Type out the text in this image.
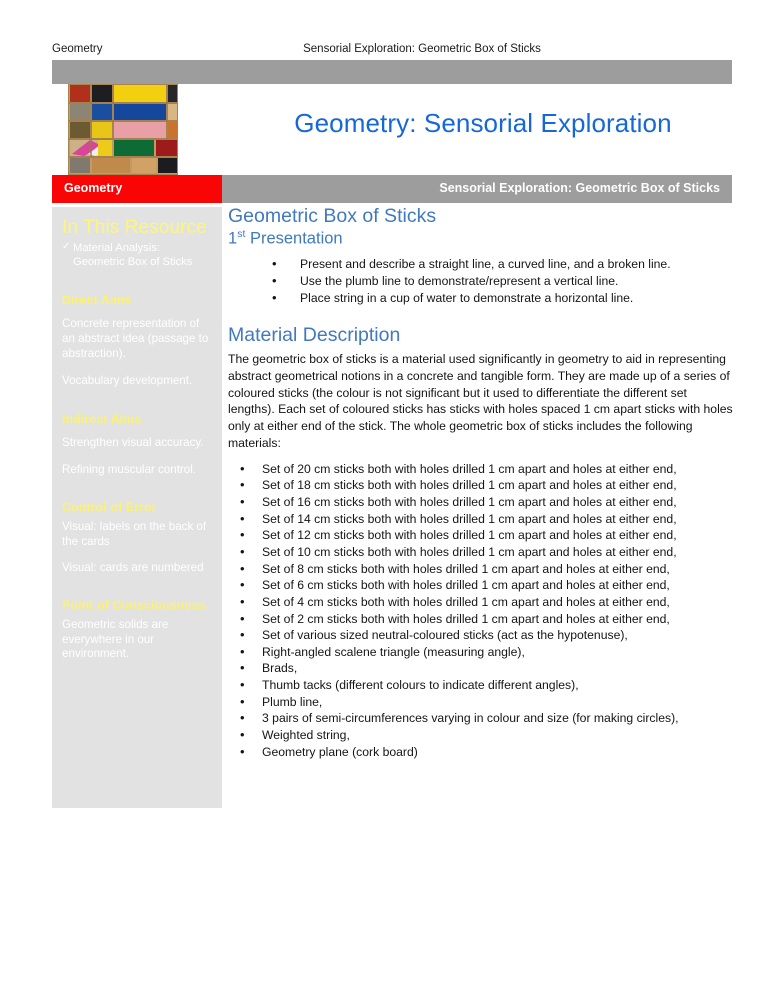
Geometry	Sensorial Exploration: Geometric Box of Sticks
Geometry: Sensorial Exploration
Geometry	Sensorial Exploration: Geometric Box of Sticks
In This Resource
✓ Material Analysis: Geometric Box of Sticks
Direct Aims

Concrete representation of an abstract idea (passage to abstraction).

Vocabulary development.

Indirect Aims

Strengthen visual accuracy.

Refining muscular control.

Control of Error

Visual: labels on the back of the cards

Visual: cards are numbered

Point of Consciousness

Geometric solids are everywhere in our environment.

Geometric Box of Sticks
1st Presentation
• Present and describe a straight line, a curved line, and a broken line.
• Use the plumb line to demonstrate/represent a vertical line.
• Place string in a cup of water to demonstrate a horizontal line.
Material Description

The geometric box of sticks is a material used significantly in geometry to aid in representing abstract geometrical notions in a concrete and tangible form. They are made up of a series of coloured sticks (the colour is not significant but it used to differentiate the different set lengths). Each set of coloured sticks has sticks with holes spaced 1 cm apart sticks with holes only at either end of the stick. The whole geometric box of sticks includes the following materials:

• Set of 20 cm sticks both with holes drilled 1 cm apart and holes at either end,
• Set of 18 cm sticks both with holes drilled 1 cm apart and holes at either end,
• Set of 16 cm sticks both with holes drilled 1 cm apart and holes at either end,
• Set of 14 cm sticks both with holes drilled 1 cm apart and holes at either end,
• Set of 12 cm sticks both with holes drilled 1 cm apart and holes at either end,
• Set of 10 cm sticks both with holes drilled 1 cm apart and holes at either end,
• Set of 8 cm sticks both with holes drilled 1 cm apart and holes at either end,
• Set of 6 cm sticks both with holes drilled 1 cm apart and holes at either end,
• Set of 4 cm sticks both with holes drilled 1 cm apart and holes at either end,
• Set of 2 cm sticks both with holes drilled 1 cm apart and holes at either end,
• Set of various sized neutral-coloured sticks (act as the hypotenuse),
• Right-angled scalene triangle (measuring angle),
• Brads,
• Thumb tacks (different colours to indicate different angles),
• Plumb line,
• 3 pairs of semi-circumferences varying in colour and size (for making circles),
• Weighted string,
• Geometry plane (cork board)
